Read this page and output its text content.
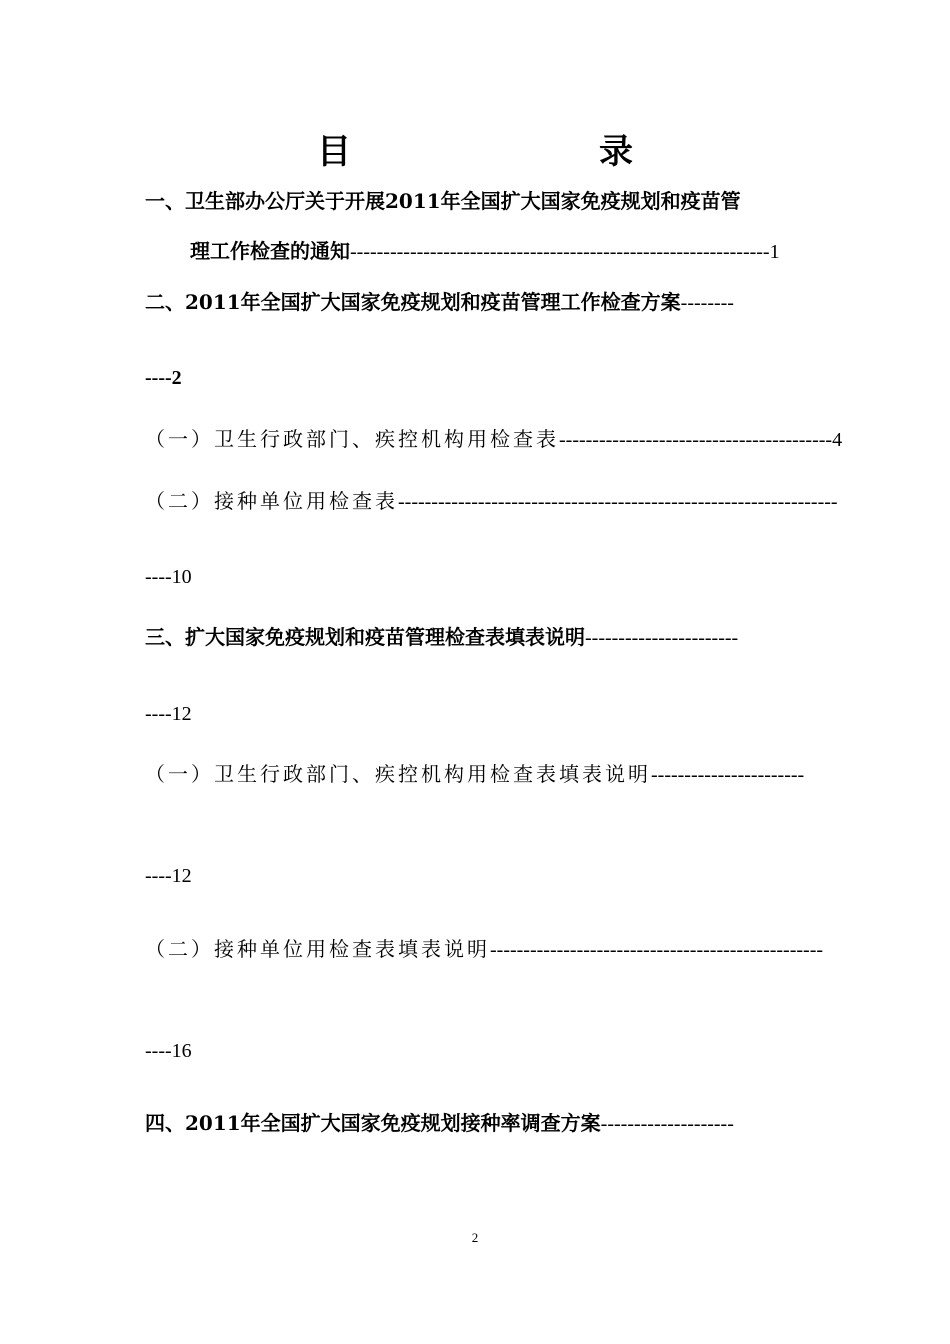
目　　录
一、卫生部办公厅关于开展2011年全国扩大国家免疫规划和疫苗管
理工作检查的通知---------------------------------------------------------------1
二、2011年全国扩大国家免疫规划和疫苗管理工作检查方案--------
----2
（一）卫生行政部门、疾控机构用检查表-----------------------------------------4
（二）接种单位用检查表------------------------------------------------------------------
----10
三、扩大国家免疫规划和疫苗管理检查表填表说明-----------------------
----12
（一）卫生行政部门、疾控机构用检查表填表说明-----------------------
----12
（二）接种单位用检查表填表说明--------------------------------------------------
----16
四、2011年全国扩大国家免疫规划接种率调查方案--------------------
2
